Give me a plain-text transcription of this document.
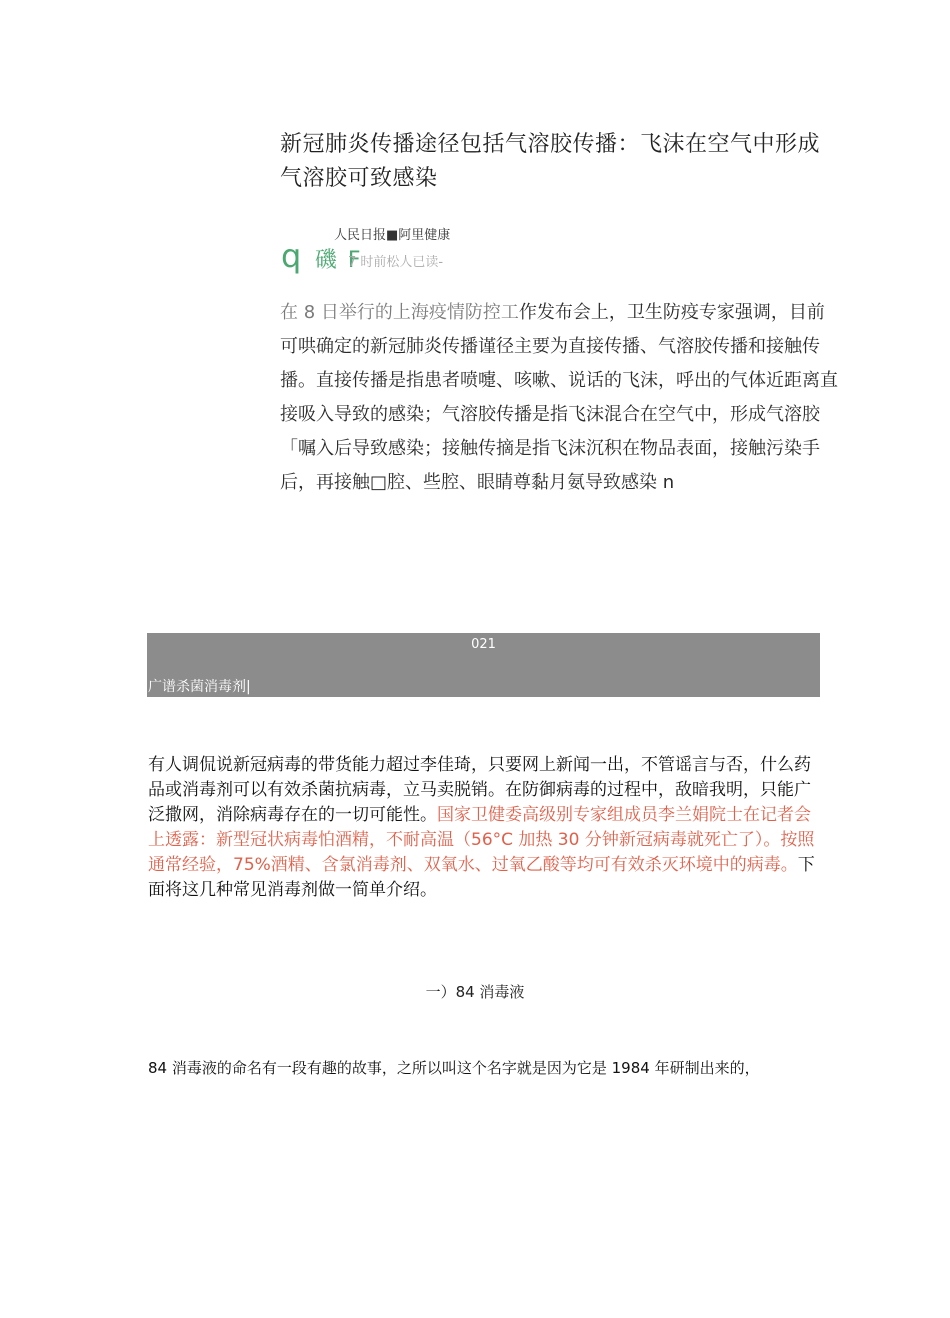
新冠肺炎传播途径包括气溶胶传播：飞沫在空气中形成气溶胶可致感染
人民日报■阿里健康
q 磯 F
7 时前松人已读-

在 8 日举行的上海疫情防控工作发布会上，卫生防疫专家强调，目前可哄确定的新冠肺炎传播谨径主要为直接传播、气溶胶传播和接触传播。直接传播是指患者喷嚏、咳嗽、说话的飞沫，呼出的气体近距离直接吸入导致的感染；气溶胶传播是指飞沫混合在空气中，形成气溶胶「嘱入后导致感染；接触传摘是指飞沫沉积在物品表面，接触污染手后，再接触□腔、些腔、眼睛尊黏月氨导致感染 n

021
广谱杀菌消毒剂|

有人调侃说新冠病毒的带货能力超过李佳琦，只要网上新闻一出，不管谣言与否，什么药品或消毒剂可以有效杀菌抗病毒，立马卖脱销。在防御病毒的过程中，敌暗我明，只能广泛撒网，消除病毒存在的一切可能性。国家卫健委高级别专家组成员李兰娟院士在记者会上透露：新型冠状病毒怕酒精，不耐高温（56°C 加热 30 分钟新冠病毒就死亡了）。按照通常经验，75%酒精、含氯消毒剂、双氧水、过氧乙酸等均可有效杀灭环境中的病毒。下面将这几种常见消毒剂做一简单介绍。

一）84 消毒液

84 消毒液的命名有一段有趣的故事，之所以叫这个名字就是因为它是 1984 年研制出来的，
